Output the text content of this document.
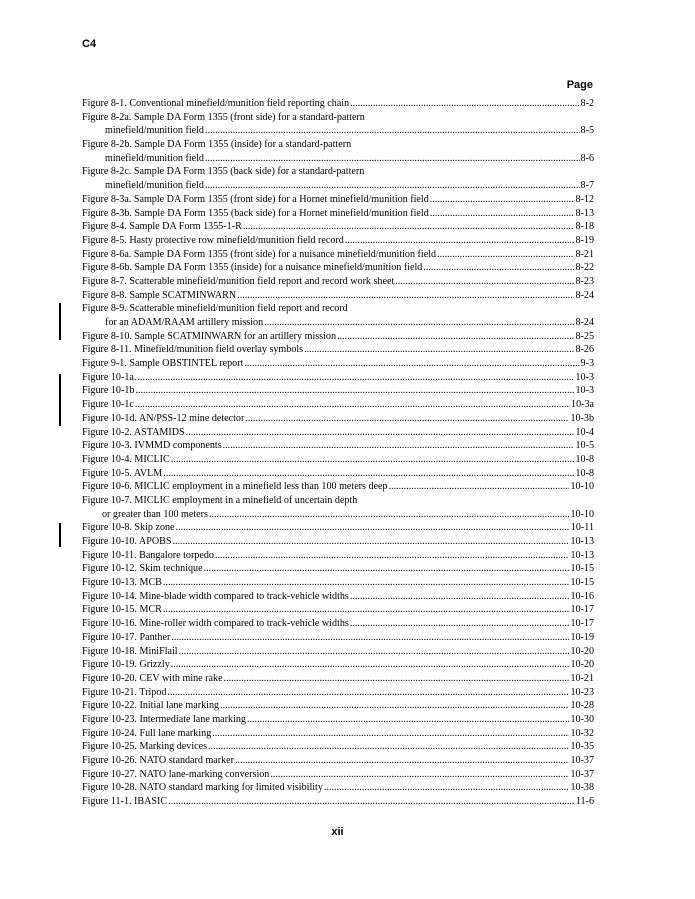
C4
Page
Figure 8-1. Conventional minefield/munition field reporting chain .....	8-2
Figure 8-2a. Sample DA Form 1355 (front side) for a standard-pattern
minefield/munition field .....	8-5
Figure 8-2b. Sample DA Form 1355 (inside) for a standard-pattern
minefield/munition field .....	8-6
Figure 8-2c. Sample DA Form 1355 (back side) for a standard-pattern
minefield/munition field .....	8-7
Figure 8-3a. Sample DA Form 1355 (front side) for a Hornet minefield/munition field .....	8-12
Figure 8-3b. Sample DA Form 1355 (back side) for a Hornet minefield/munition field .....	8-13
Figure 8-4. Sample DA Form 1355-1-R .....	8-18
Figure 8-5. Hasty protective row minefield/munition field record .....	8-19
Figure 8-6a. Sample DA Form 1355 (front side) for a nuisance minefield/munition field .....	8-21
Figure 8-6b. Sample DA Form 1355 (inside) for a nuisance minefield/munition field .....	8-22
Figure 8-7. Scatterable minefield/munition field report and record work sheet .....	8-23
Figure 8-8. Sample SCATMINWARN .....	8-24
Figure 8-9. Scatterable minefield/munition field report and record
for an ADAM/RAAM artillery mission .....	8-24
Figure 8-10. Sample SCATMINWARN for an artillery mission .....	8-25
Figure 8-11. Minefield/munition field overlay symbols .....	8-26
Figure 9-1. Sample OBSTINTEL report .....	9-3
Figure 10-1a. .....	10-3
Figure 10-1b .....	10-3
Figure 10-1c .....	10-3a
Figure 10-1d. AN/PSS-12 mine detector .....	10-3b
Figure 10-2. ASTAMIDS .....	10-4
Figure 10-3. IVMMD components .....	10-5
Figure 10-4. MICLIC .....	10-8
Figure 10-5. AVLM .....	10-8
Figure 10-6. MICLIC employment in a minefield less than 100 meters deep .....	10-10
Figure 10-7. MICLIC employment in a minefield of uncertain depth
or greater than 100 meters .....	10-10
Figure 10-8. Skip zone .....	10-11
Figure 10-10. APOBS .....	10-13
Figure 10-11. Bangalore torpedo .....	10-13
Figure 10-12. Skim technique .....	10-15
Figure 10-13. MCB .....	10-15
Figure 10-14. Mine-blade width compared to track-vehicle widths .....	10-16
Figure 10-15. MCR .....	10-17
Figure 10-16. Mine-roller width compared to track-vehicle widths .....	10-17
Figure 10-17. Panther .....	10-19
Figure 10-18. MiniFlail .....	10-20
Figure 10-19. Grizzly .....	10-20
Figure 10-20. CEV with mine rake .....	10-21
Figure 10-21. Tripod .....	10-23
Figure 10-22. Initial lane marking .....	10-28
Figure 10-23. Intermediate lane marking .....	10-30
Figure 10-24. Full lane marking .....	10-32
Figure 10-25. Marking devices .....	10-35
Figure 10-26. NATO standard marker .....	10-37
Figure 10-27. NATO lane-marking conversion .....	10-37
Figure 10-28. NATO standard marking for limited visibility .....	10-38
Figure 11-1. IBASIC .....	11-6
xii
